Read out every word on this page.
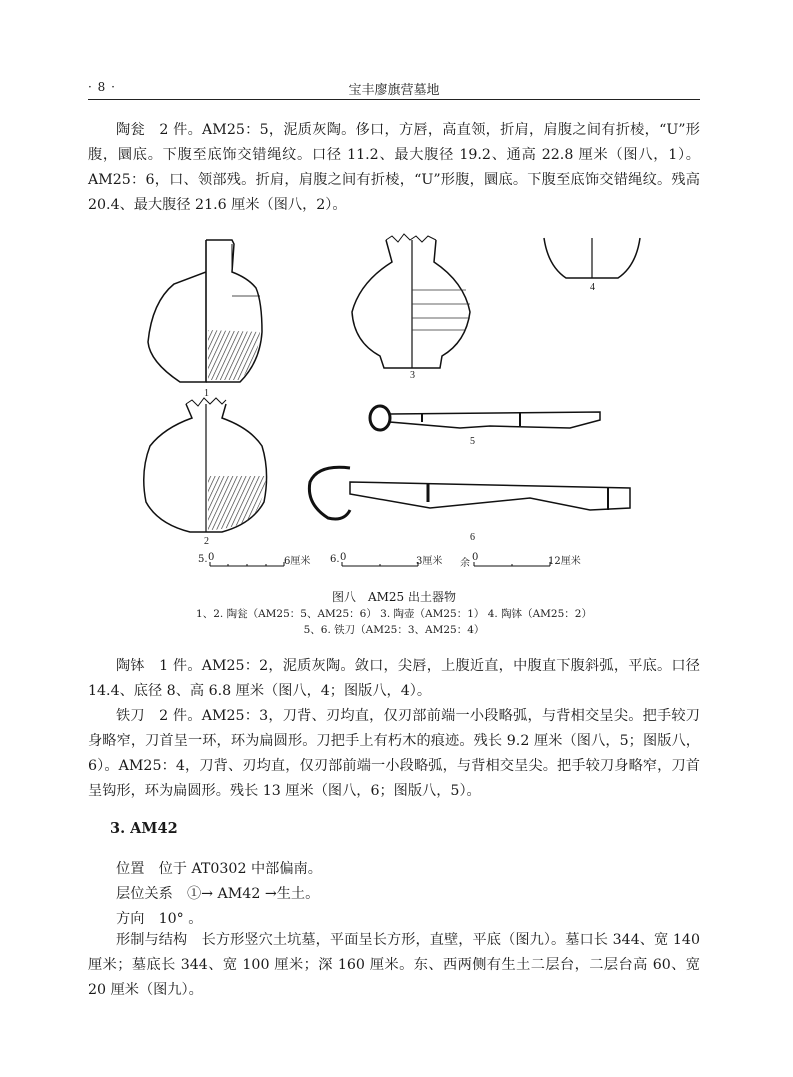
· 8 ·	宝丰廖旗营墓地

陶瓮　2 件。AM25：5，泥质灰陶。侈口，方唇，高直领，折肩，肩腹之间有折棱，“U”形腹，圜底。下腹至底饰交错绳纹。口径 11.2、最大腹径 19.2、通高 22.8 厘米（图八，1）。AM25：6，口、领部残。折肩，肩腹之间有折棱，“U”形腹，圜底。下腹至底饰交错绳纹。残高 20.4、最大腹径 21.6 厘米（图八，2）。

1
2
3
4
5
6
5. 0	6厘米 6. 0	3厘米 余
0	12厘米

图八　AM25 出土器物

1、2. 陶瓮（AM25：5、AM25：6） 3. 陶壶（AM25：1） 4. 陶钵（AM25：2）

5、6. 铁刀（AM25：3、AM25：4）

陶钵　1 件。AM25：2，泥质灰陶。敛口，尖唇，上腹近直，中腹直下腹斜弧，平底。口径 14.4、底径 8、高 6.8 厘米（图八，4；图版八，4）。

铁刀　2 件。AM25：3，刀背、刃均直，仅刃部前端一小段略弧，与背相交呈尖。把手较刀身略窄，刀首呈一环，环为扁圆形。刀把手上有朽木的痕迹。残长 9.2 厘米（图八，5；图版八，6）。AM25：4，刀背、刃均直，仅刃部前端一小段略弧，与背相交呈尖。把手较刀身略窄，刀首呈钩形，环为扁圆形。残长 13 厘米（图八，6；图版八，5）。

3. AM42

位置　位于 AT0302 中部偏南。

层位关系　①→ AM42 →生土。

方向　10° 。

形制与结构　长方形竖穴土坑墓，平面呈长方形，直壁，平底（图九）。墓口长 344、宽 140 厘米；墓底长 344、宽 100 厘米；深 160 厘米。东、西两侧有生土二层台，二层台高 60、宽 20 厘米（图九）。
